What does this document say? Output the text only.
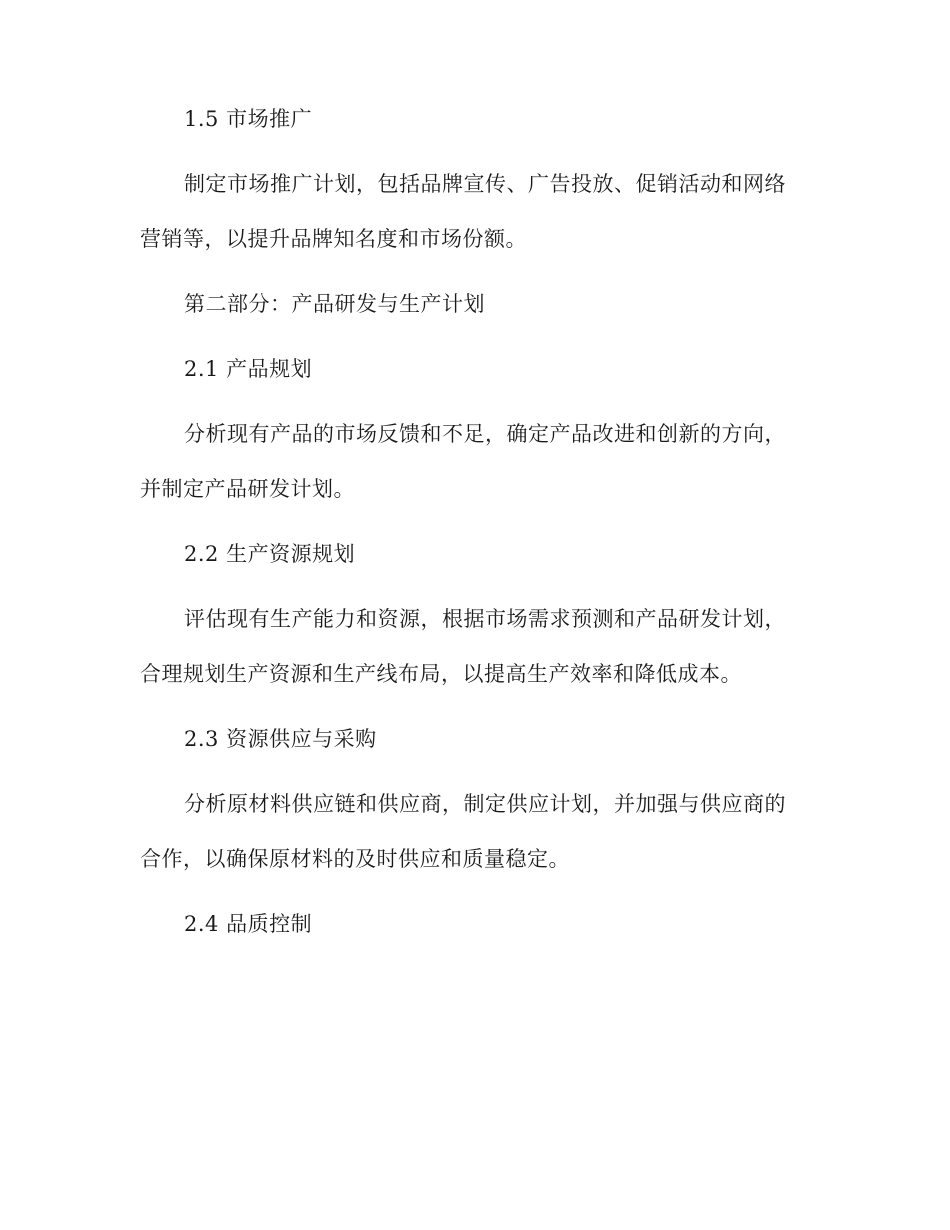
1.5 市场推广
制定市场推广计划，包括品牌宣传、广告投放、促销活动和网络
营销等，以提升品牌知名度和市场份额。
第二部分：产品研发与生产计划
2.1 产品规划
分析现有产品的市场反馈和不足，确定产品改进和创新的方向，
并制定产品研发计划。
2.2 生产资源规划
评估现有生产能力和资源，根据市场需求预测和产品研发计划，
合理规划生产资源和生产线布局，以提高生产效率和降低成本。
2.3 资源供应与采购
分析原材料供应链和供应商，制定供应计划，并加强与供应商的
合作，以确保原材料的及时供应和质量稳定。
2.4 品质控制
